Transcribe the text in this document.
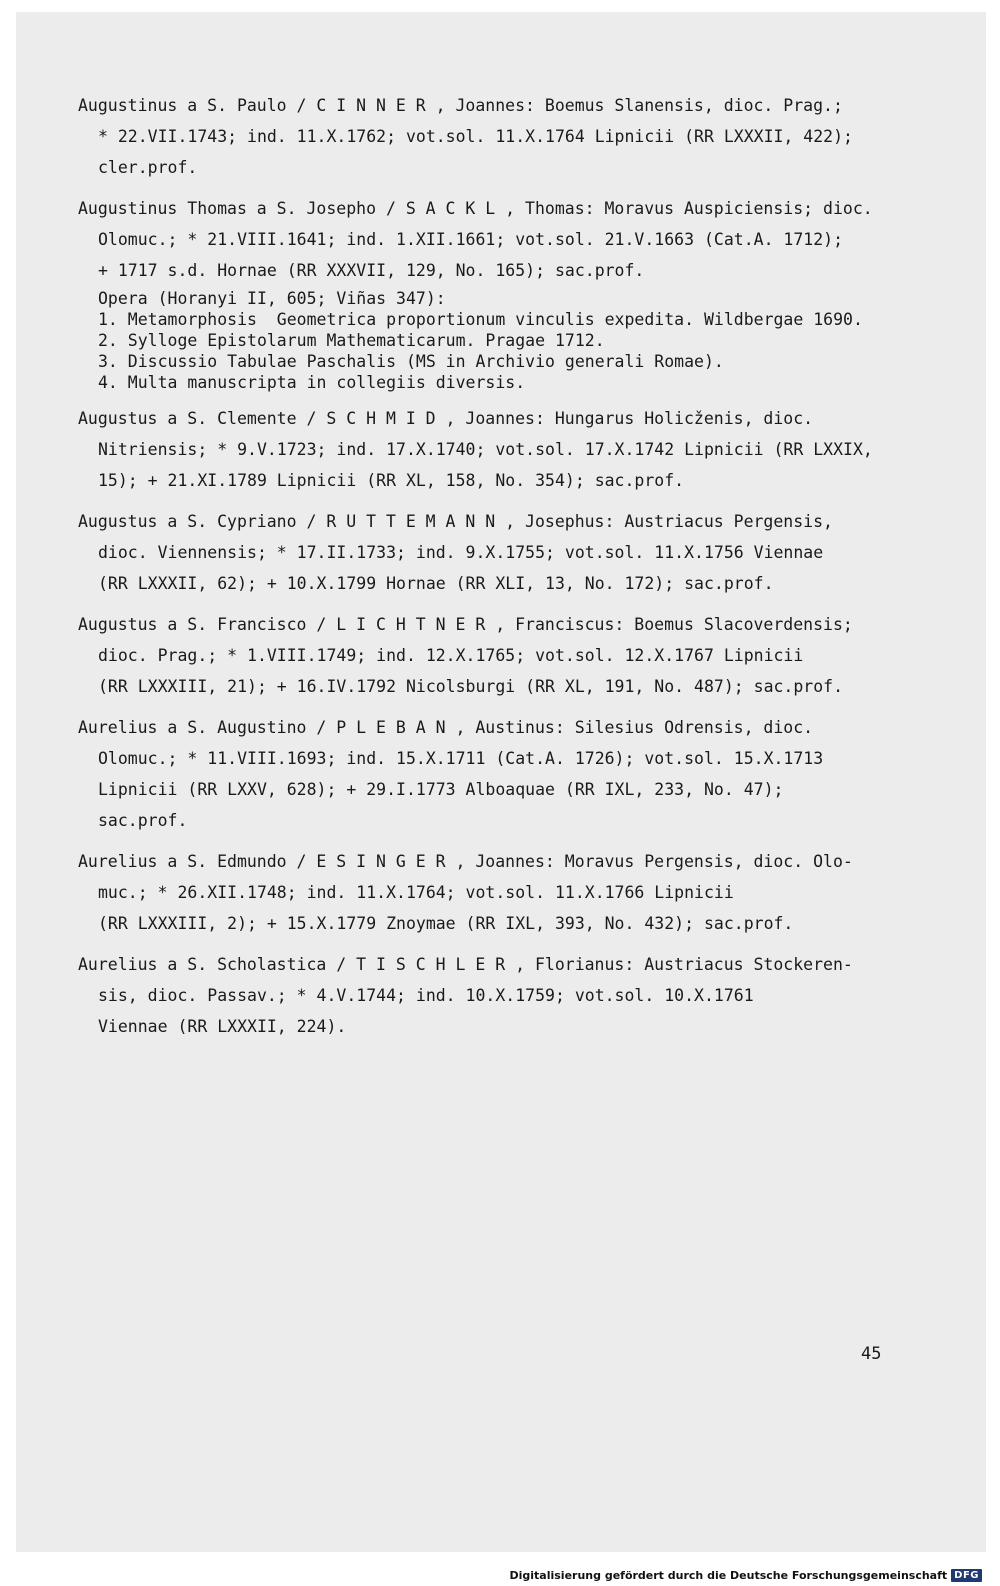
Augustinus a S. Paulo / C I N N E R , Joannes: Boemus Slanensis, dioc. Prag.;
* 22.VII.1743; ind. 11.X.1762; vot.sol. 11.X.1764 Lipnicii (RR LXXXII, 422);
cler.prof.
Augustinus Thomas a S. Josepho / S A C K L , Thomas: Moravus Auspiciensis; dioc.
Olomuc.; * 21.VIII.1641; ind. 1.XII.1661; vot.sol. 21.V.1663 (Cat.A. 1712);
+ 1717 s.d. Hornae (RR XXXVII, 129, No. 165); sac.prof.
Opera (Horanyi II, 605; Viñas 347):
1. Metamorphosis  Geometrica proportionum vinculis expedita. Wildbergae 1690.
2. Sylloge Epistolarum Mathematicarum. Pragae 1712.
3. Discussio Tabulae Paschalis (MS in Archivio generali Romae).
4. Multa manuscripta in collegiis diversis.
Augustus a S. Clemente / S C H M I D , Joannes: Hungarus Holicženis, dioc.
Nitriensis; * 9.V.1723; ind. 17.X.1740; vot.sol. 17.X.1742 Lipnicii (RR LXXIX,
15); + 21.XI.1789 Lipnicii (RR XL, 158, No. 354); sac.prof.
Augustus a S. Cypriano / R U T T E M A N N , Josephus: Austriacus Pergensis,
dioc. Viennensis; * 17.II.1733; ind. 9.X.1755; vot.sol. 11.X.1756 Viennae
(RR LXXXII, 62); + 10.X.1799 Hornae (RR XLI, 13, No. 172); sac.prof.
Augustus a S. Francisco / L I C H T N E R , Franciscus: Boemus Slacoverdensis;
dioc. Prag.; * 1.VIII.1749; ind. 12.X.1765; vot.sol. 12.X.1767 Lipnicii
(RR LXXXIII, 21); + 16.IV.1792 Nicolsburgi (RR XL, 191, No. 487); sac.prof.
Aurelius a S. Augustino / P L E B A N , Austinus: Silesius Odrensis, dioc.
Olomuc.; * 11.VIII.1693; ind. 15.X.1711 (Cat.A. 1726); vot.sol. 15.X.1713
Lipnicii (RR LXXV, 628); + 29.I.1773 Alboaquae (RR IXL, 233, No. 47);
sac.prof.
Aurelius a S. Edmundo / E S I N G E R , Joannes: Moravus Pergensis, dioc. Olo-
muc.; * 26.XII.1748; ind. 11.X.1764; vot.sol. 11.X.1766 Lipnicii
(RR LXXXIII, 2); + 15.X.1779 Znoymae (RR IXL, 393, No. 432); sac.prof.
Aurelius a S. Scholastica / T I S C H L E R , Florianus: Austriacus Stockeren-
sis, dioc. Passav.; * 4.V.1744; ind. 10.X.1759; vot.sol. 10.X.1761
Viennae (RR LXXXII, 224).
45
Digitalisierung gefördert durch die Deutsche Forschungsgemeinschaft DFG
